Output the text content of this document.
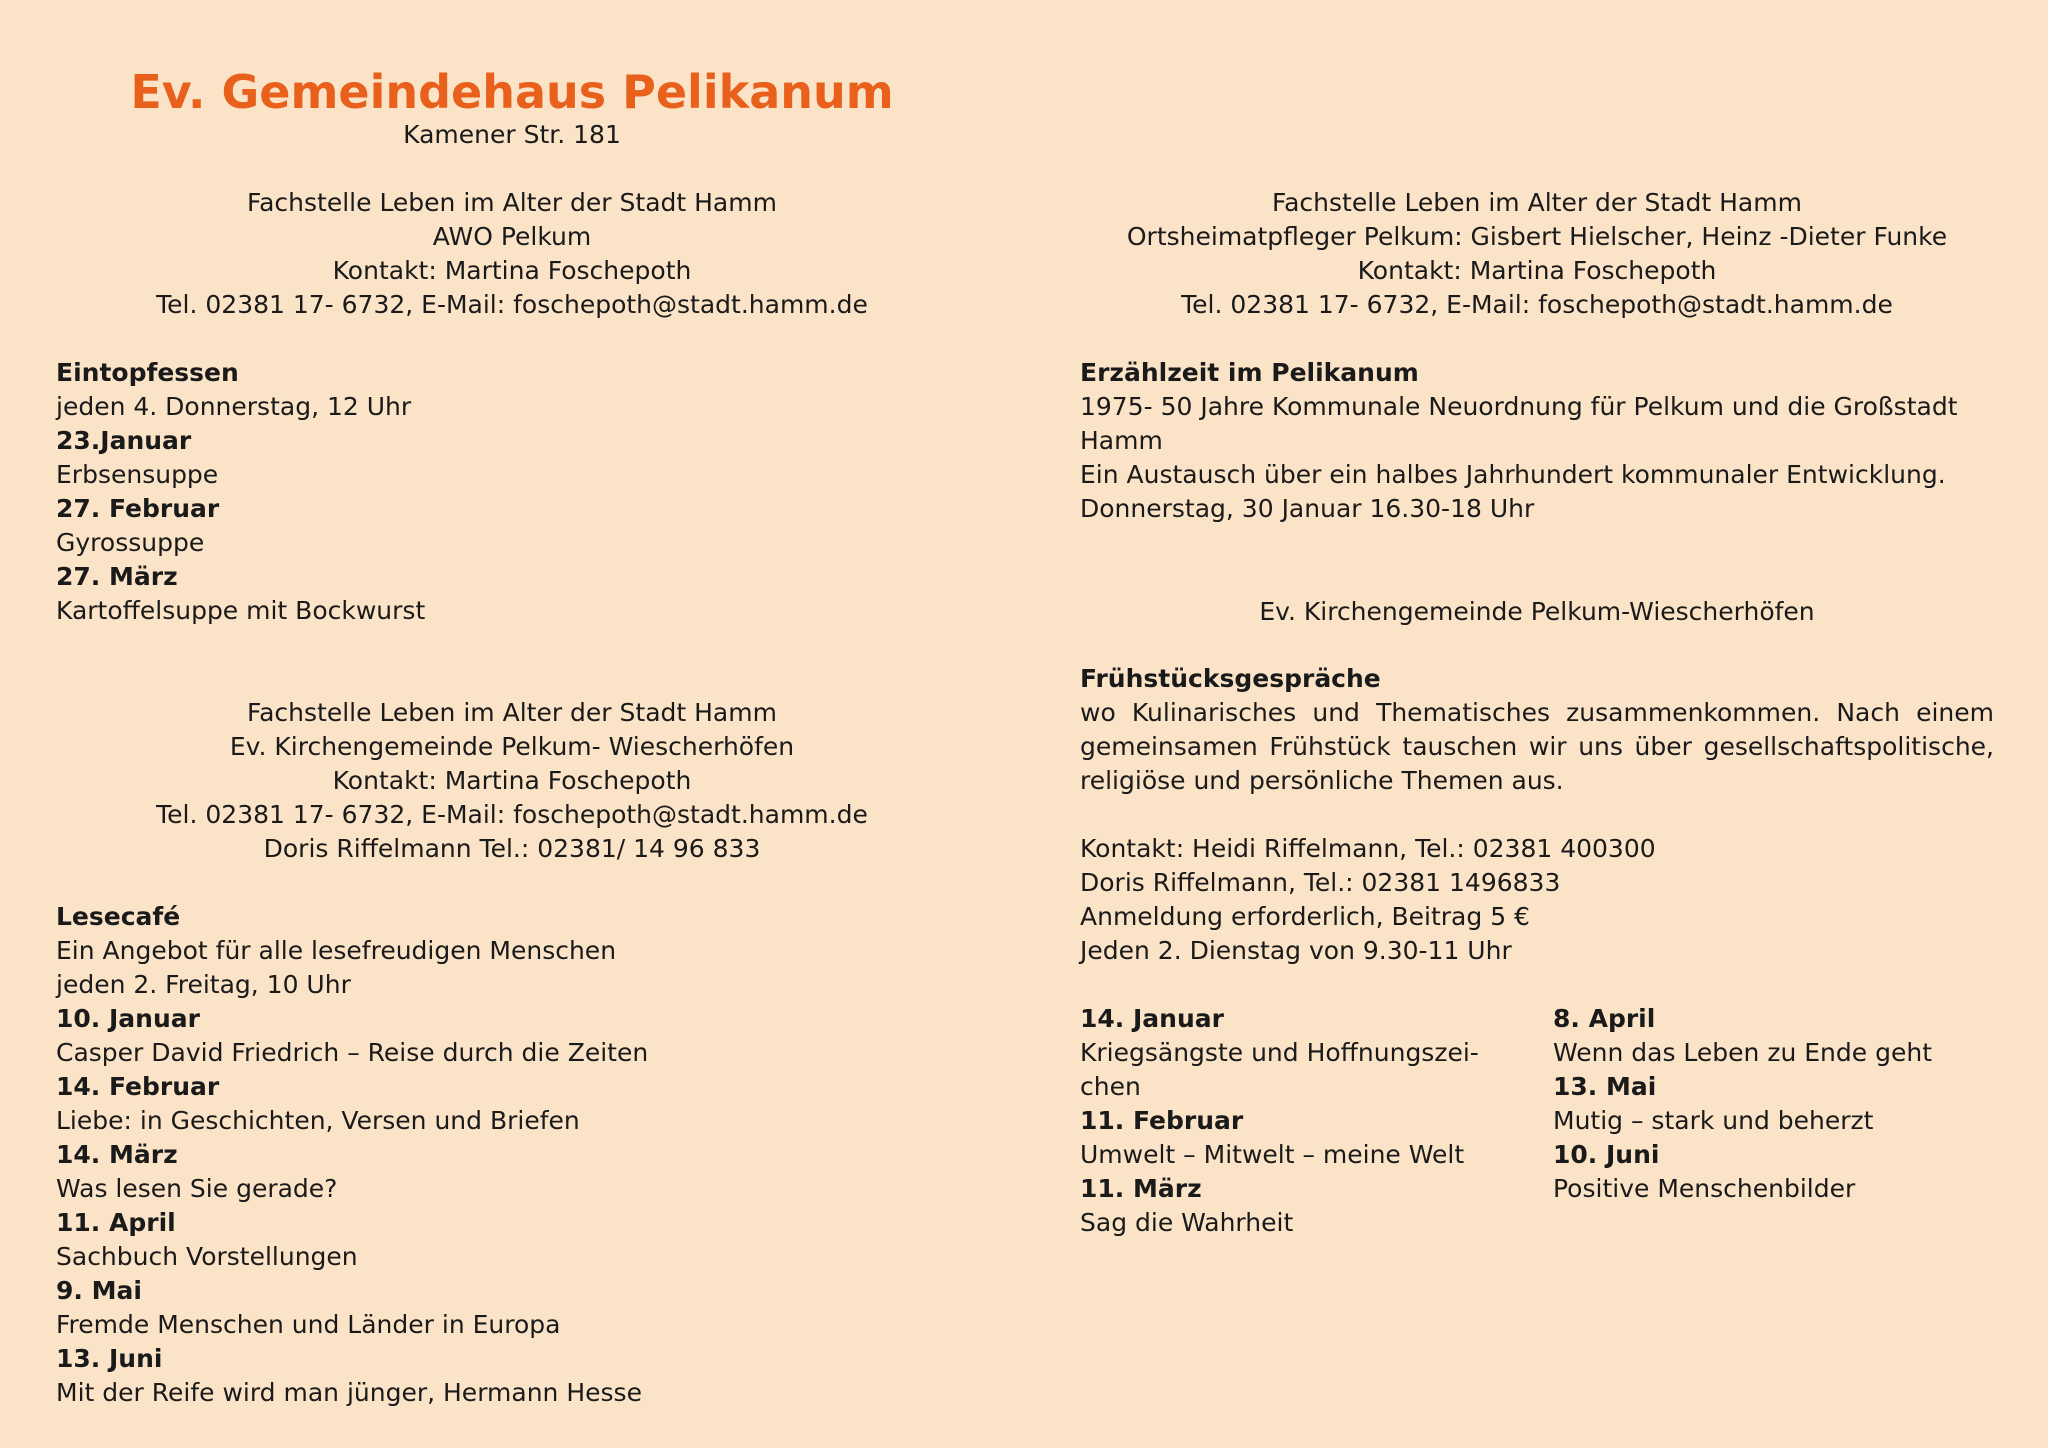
Ev. Gemeindehaus Pelikanum
Kamener Str. 181
Fachstelle Leben im Alter der Stadt Hamm
AWO Pelkum
Kontakt: Martina Foschepoth
Tel. 02381 17- 6732, E-Mail: foschepoth@stadt.hamm.de
Eintopfessen
jeden 4. Donnerstag, 12 Uhr
23.Januar
Erbsensuppe
27. Februar
Gyrossuppe
27. März
Kartoffelsuppe mit Bockwurst
Fachstelle Leben im Alter der Stadt Hamm
Ev. Kirchengemeinde Pelkum- Wiescherhöfen
Kontakt: Martina Foschepoth
Tel. 02381 17- 6732, E-Mail: foschepoth@stadt.hamm.de
Doris Riffelmann Tel.: 02381/ 14 96 833
Lesecafé
Ein Angebot für alle lesefreudigen Menschen
jeden 2. Freitag, 10 Uhr
10. Januar
Casper David Friedrich – Reise durch die Zeiten
14. Februar
Liebe: in Geschichten, Versen und Briefen
14. März
Was lesen Sie gerade?
11. April
Sachbuch Vorstellungen
9. Mai
Fremde Menschen und Länder in Europa
13. Juni
Mit der Reife wird man jünger, Hermann Hesse
Fachstelle Leben im Alter der Stadt Hamm
Ortsheimatpfleger Pelkum: Gisbert Hielscher, Heinz -Dieter Funke
Kontakt: Martina Foschepoth
Tel. 02381 17- 6732, E-Mail: foschepoth@stadt.hamm.de
Erzählzeit im Pelikanum
1975- 50 Jahre Kommunale Neuordnung für Pelkum und die Großstadt
Hamm
Ein Austausch über ein halbes Jahrhundert kommunaler Entwicklung.
Donnerstag, 30 Januar 16.30-18 Uhr
Ev. Kirchengemeinde Pelkum-Wiescherhöfen
Frühstücksgespräche
wo Kulinarisches und Thematisches zusammenkommen. Nach einem
gemeinsamen Frühstück tauschen wir uns über gesellschaftspolitische,
religiöse und persönliche Themen aus.
Kontakt: Heidi Riffelmann, Tel.: 02381 400300
Doris Riffelmann, Tel.: 02381 1496833
Anmeldung erforderlich, Beitrag 5 €
Jeden 2. Dienstag von 9.30-11 Uhr
14. Januar
Kriegsängste und Hoffnungszei-
chen
11. Februar
Umwelt – Mitwelt – meine Welt
11. März
Sag die Wahrheit
8. April
Wenn das Leben zu Ende geht
13. Mai
Mutig – stark und beherzt
10. Juni
Positive Menschenbilder
